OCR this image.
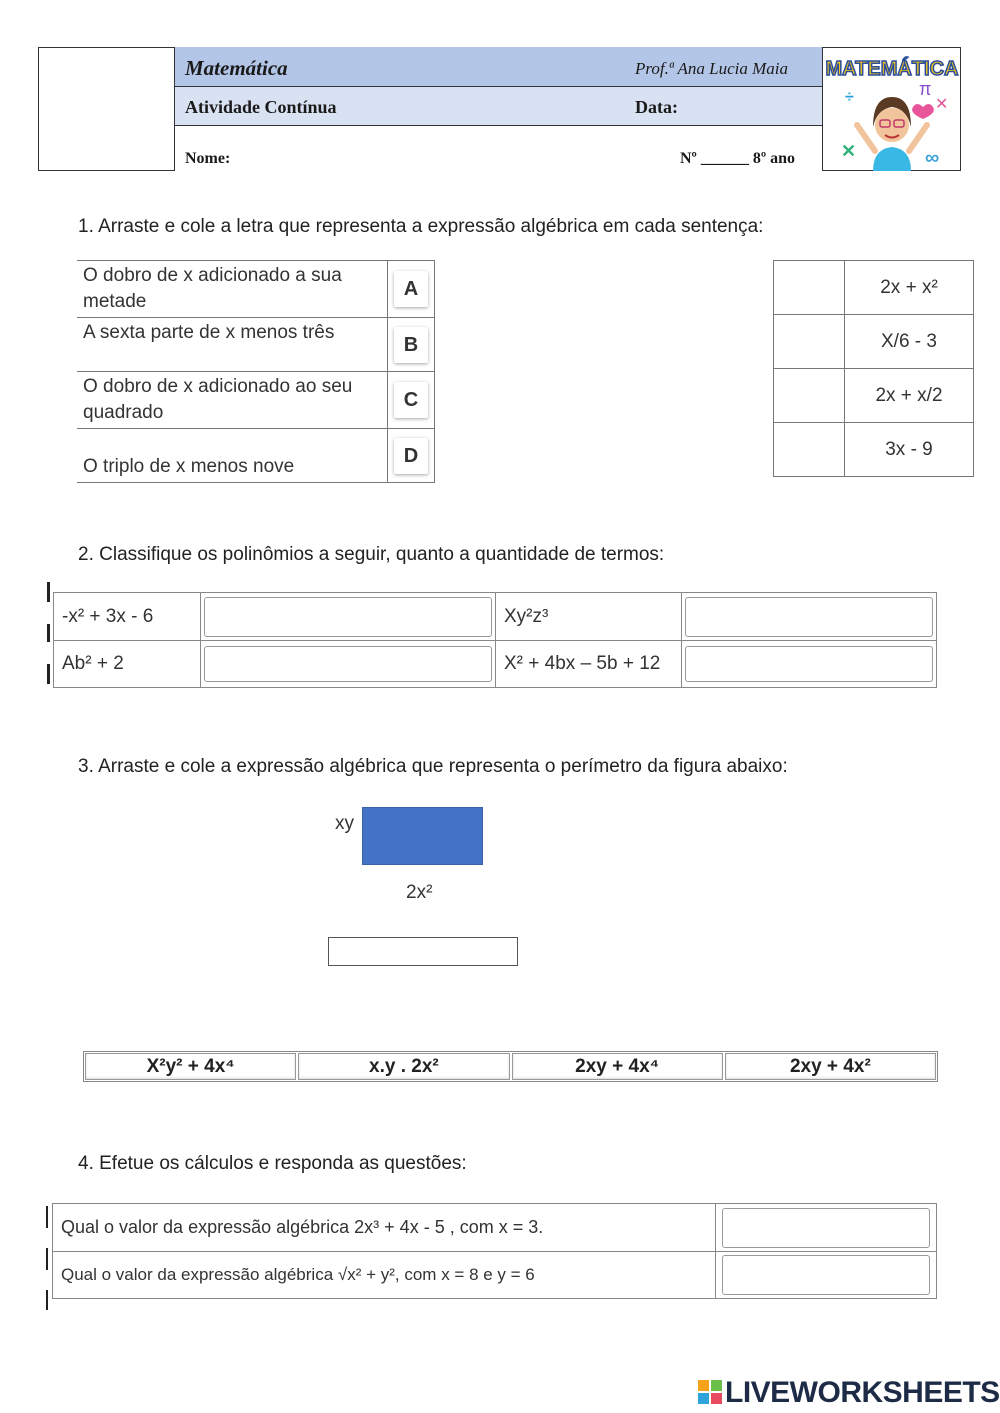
Matemática	Prof.ª Ana Lucia Maia
Atividade Contínua	Data:
Nome:	Nº ______ 8º ano
MATEMÁTICA
÷	π
✕
✕	∞
1. Arraste e cole a letra que representa a expressão algébrica em cada sentença:
O dobro de x adicionado a sua metade	A
A sexta parte de x menos três	B
O dobro de x adicionado ao seu quadrado	C
O triplo de x menos nove	D
	2x + x²
	X/6 - 3
	2x + x/2
	3x - 9
2. Classifique os polinômios a seguir, quanto a quantidade de termos:
-x² + 3x - 6		Xy²z³	

Ab² + 2		X² + 4bx – 5b + 12	
3. Arraste e cole a expressão algébrica que representa o perímetro da figura abaixo:
xy
2x²
X²y² + 4x⁴	x.y . 2x²	2xy + 4x⁴	2xy + 4x²
4. Efetue os cálculos e responda as questões:
Qual o valor da expressão algébrica 2x³ + 4x - 5 , com x = 3.	

Qual o valor da expressão algébrica √x² + y², com x = 8 e y = 6	
LIVEWORKSHEETS
